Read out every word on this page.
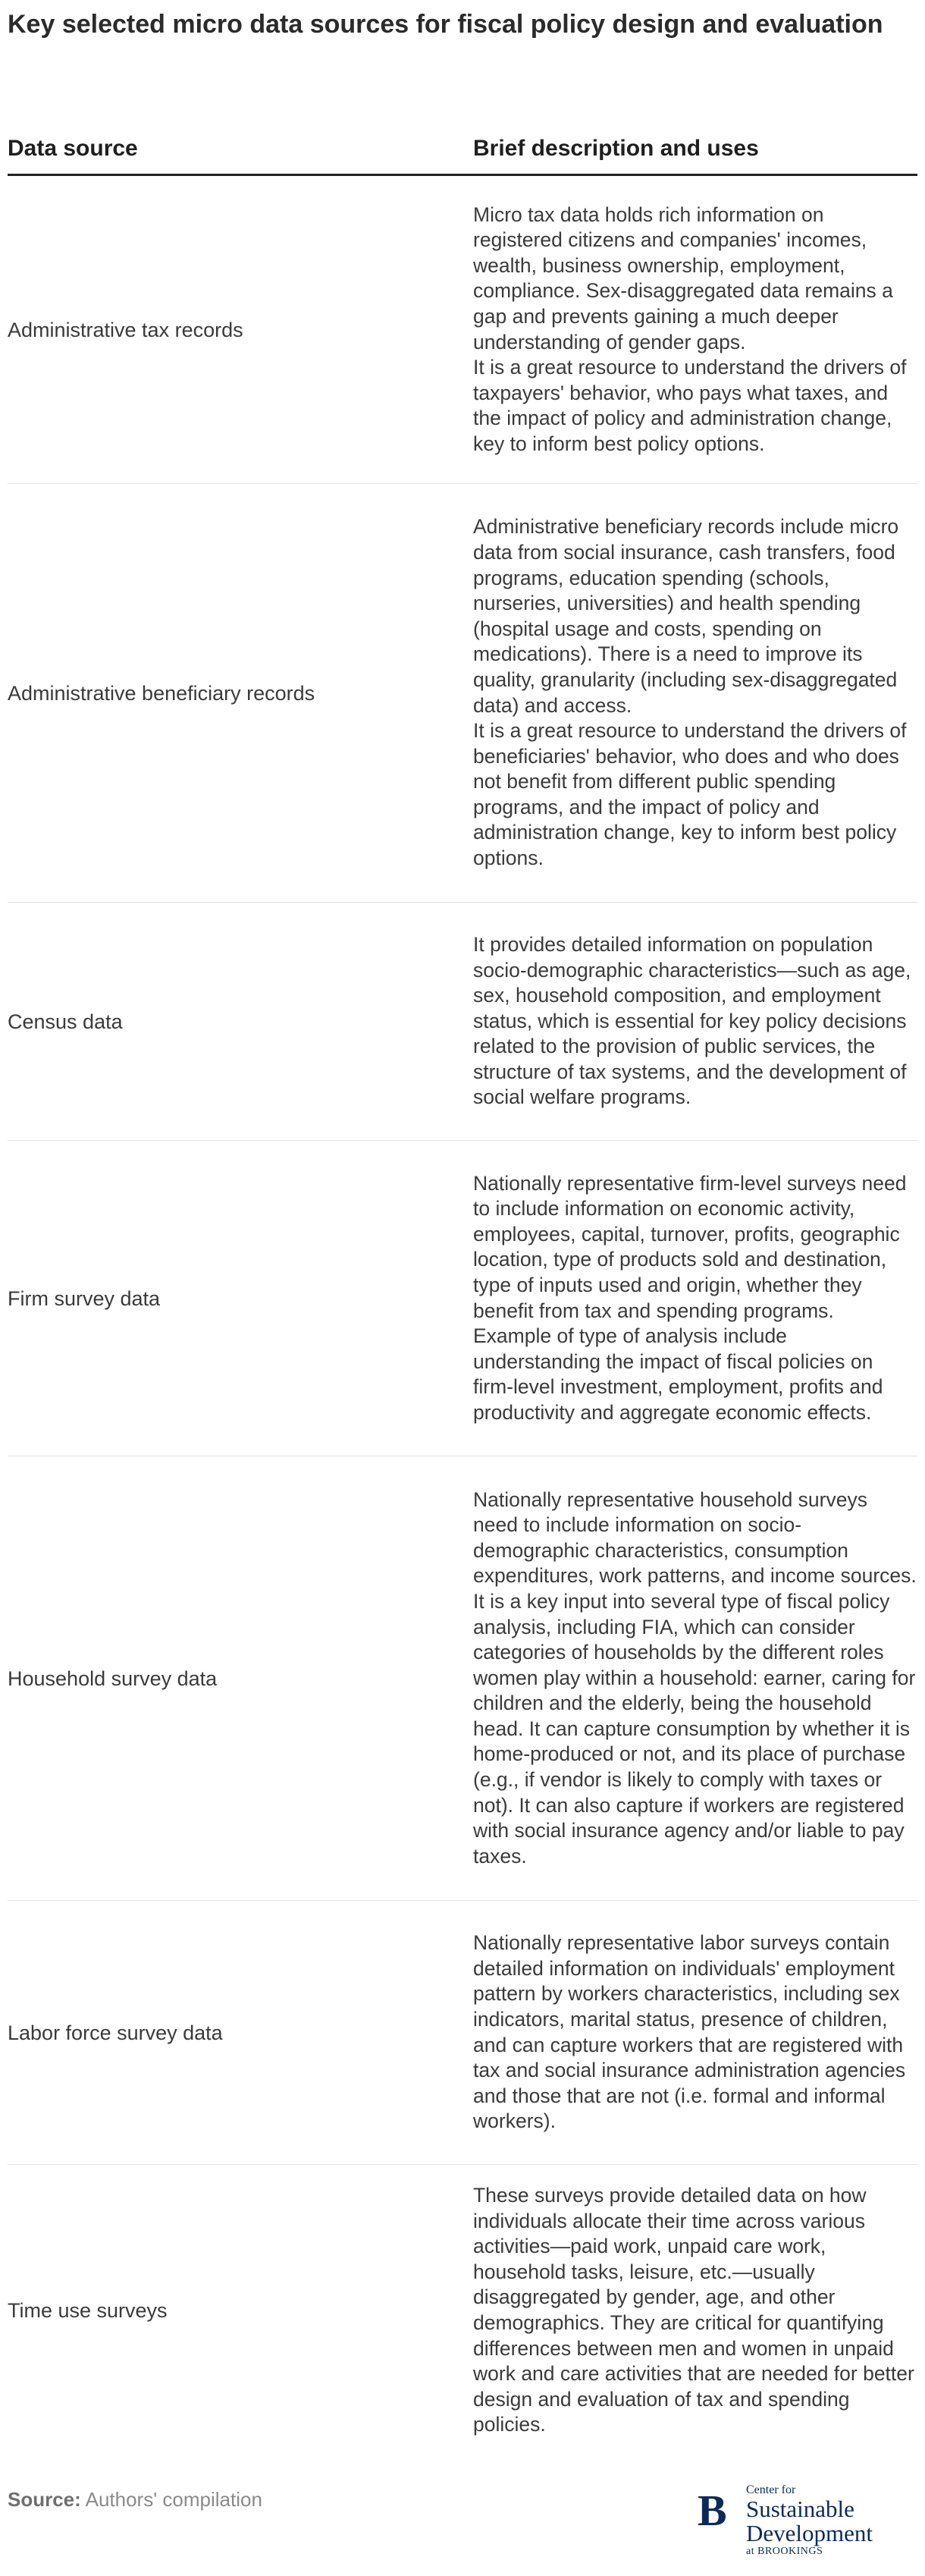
Key selected micro data sources for fiscal policy design and evaluation
Data source	Brief description and uses
Administrative tax records

Micro tax data holds rich information on registered citizens and companies' incomes, wealth, business ownership, employment, compliance. Sex-disaggregated data remains a gap and prevents gaining a much deeper understanding of gender gaps.

It is a great resource to understand the drivers of taxpayers' behavior, who pays what taxes, and the impact of policy and administration change, key to inform best policy options.

Administrative beneficiary records

Administrative beneficiary records include micro data from social insurance, cash transfers, food programs, education spending (schools, nurseries, universities) and health spending (hospital usage and costs, spending on medications). There is a need to improve its quality, granularity (including sex-disaggregated data) and access.

It is a great resource to understand the drivers of beneficiaries' behavior, who does and who does not benefit from different public spending programs, and the impact of policy and administration change, key to inform best policy options.

Census data

It provides detailed information on population socio-demographic characteristics—such as age, sex, household composition, and employment status, which is essential for key policy decisions related to the provision of public services, the structure of tax systems, and the development of social welfare programs.

Firm survey data

Nationally representative firm-level surveys need to include information on economic activity, employees, capital, turnover, profits, geographic location, type of products sold and destination, type of inputs used and origin, whether they benefit from tax and spending programs. Example of type of analysis include understanding the impact of fiscal policies on firm-level investment, employment, profits and productivity and aggregate economic effects.

Household survey data

Nationally representative household surveys need to include information on socio-demographic characteristics, consumption expenditures, work patterns, and income sources. It is a key input into several type of fiscal policy analysis, including FIA, which can consider categories of households by the different roles women play within a household: earner, caring for children and the elderly, being the household head. It can capture consumption by whether it is home-produced or not, and its place of purchase (e.g., if vendor is likely to comply with taxes or not). It can also capture if workers are registered with social insurance agency and/or liable to pay taxes.

Labor force survey data

Nationally representative labor surveys contain detailed information on individuals' employment pattern by workers characteristics, including sex indicators, marital status, presence of children, and can capture workers that are registered with tax and social insurance administration agencies and those that are not (i.e. formal and informal workers).

Time use surveys

These surveys provide detailed data on how individuals allocate their time across various activities—paid work, unpaid care work, household tasks, leisure, etc.—usually disaggregated by gender, age, and other demographics. They are critical for quantifying differences between men and women in unpaid work and care activities that are needed for better design and evaluation of tax and spending policies.

Source: Authors' compilation	B Center for
Sustainable
Development
at BROOKINGS
